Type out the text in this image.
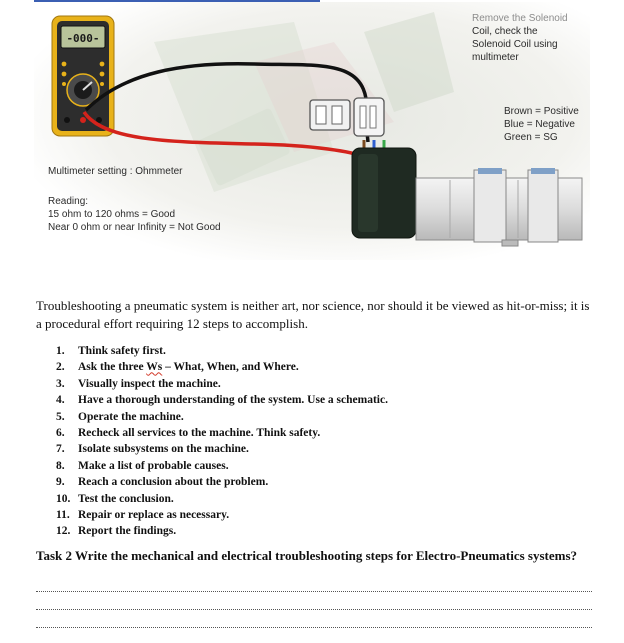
-000-
Remove the Solenoid
Coil, check the
Solenoid Coil using
multimeter
Brown = Positive
Blue = Negative
Green = SG
Multimeter setting : Ohmmeter
Reading:
15 ohm to 120 ohms = Good
Near 0 ohm or near Infinity = Not Good

Troubleshooting a pneumatic system is neither art, nor science, nor should it be viewed as hit-or-miss; it is a procedural effort requiring 12 steps to accomplish.

1. Think safety first.
2. Ask the three Ws – What, When, and Where.
3. Visually inspect the machine.
4. Have a thorough understanding of the system. Use a schematic.
5. Operate the machine.
6. Recheck all services to the machine. Think safety.
7. Isolate subsystems on the machine.
8. Make a list of probable causes.
9. Reach a conclusion about the problem.
10. Test the conclusion.
11. Repair or replace as necessary.
12. Report the findings.

Task 2 Write the mechanical and electrical troubleshooting steps for Electro-Pneumatics systems?
